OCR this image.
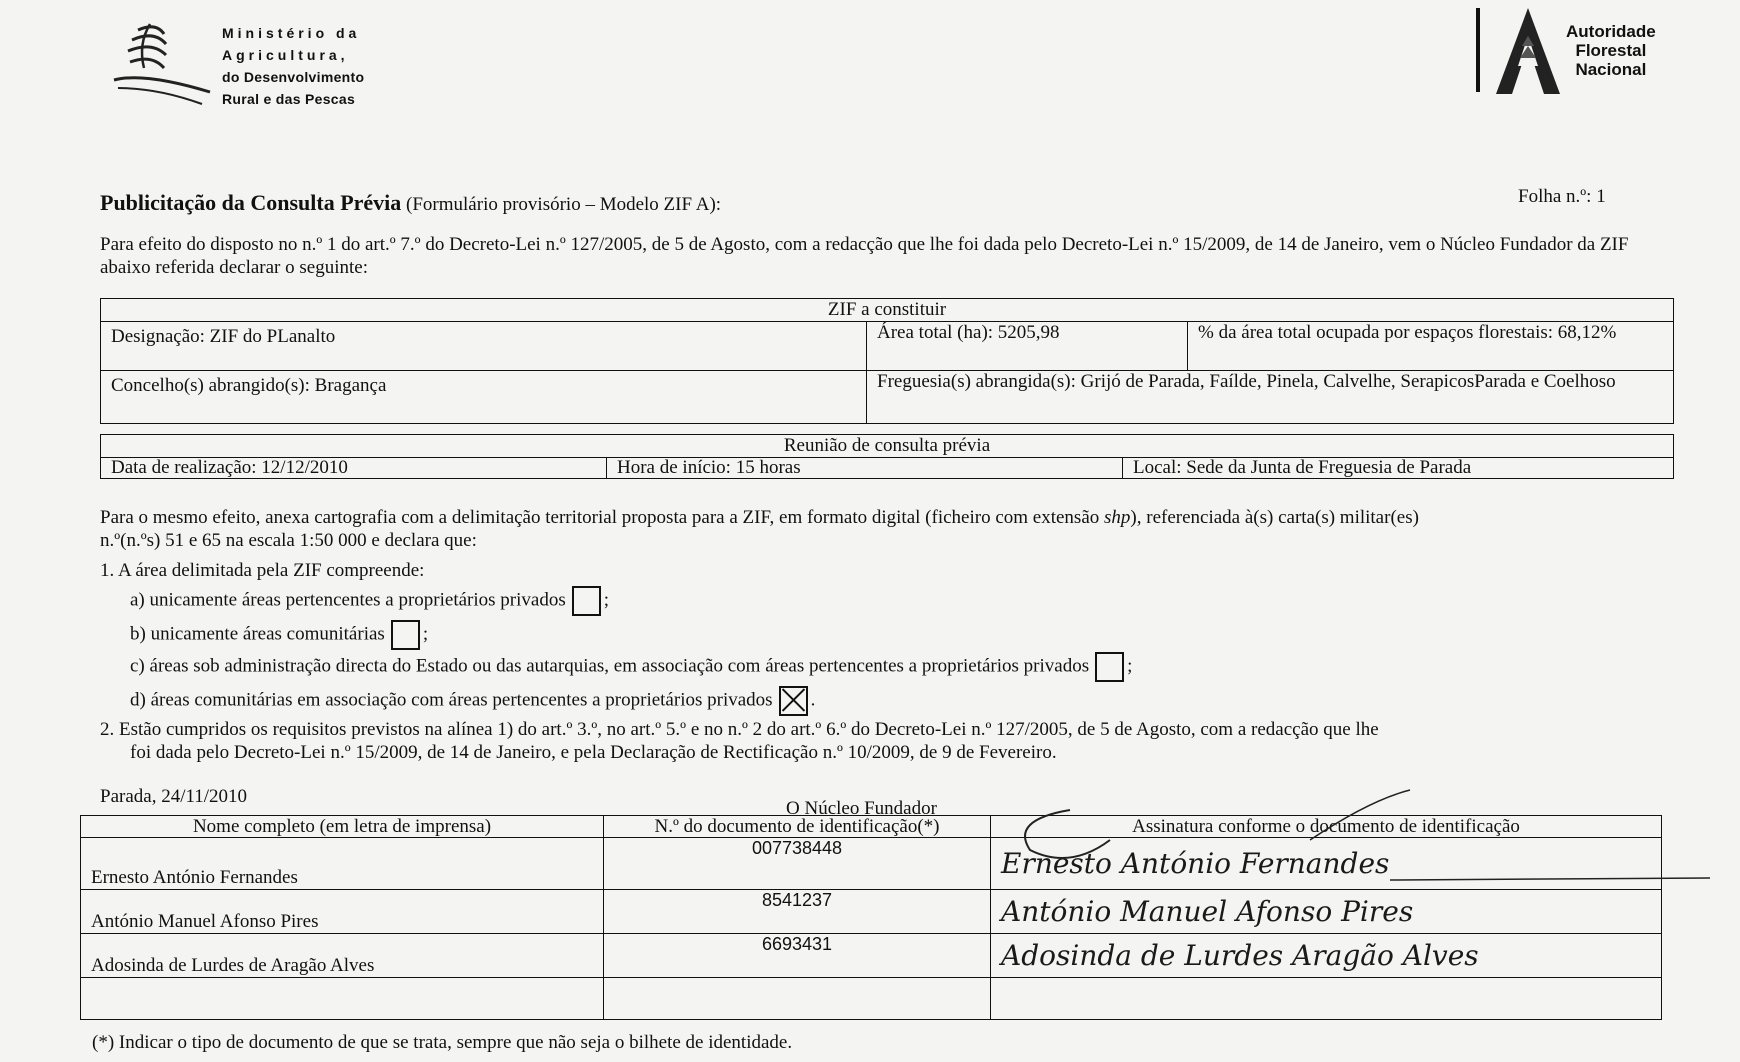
Ministério da
Agricultura,
do Desenvolvimento
Rural e das Pescas
Autoridade
Florestal
Nacional
Publicitação da Consulta Prévia (Formulário provisório – Modelo ZIF A):	Folha n.º: 1
Para efeito do disposto no n.º 1 do art.º 7.º do Decreto-Lei n.º 127/2005, de 5 de Agosto, com a redacção que lhe foi dada pelo Decreto-Lei n.º 15/2009, de 14 de Janeiro, vem o Núcleo Fundador da ZIF abaixo referida declarar o seguinte:
ZIF a constituir		
Designação: ZIF do PLanalto	Área total (ha): 5205,98	% da área total ocupada por espaços florestais: 68,12%
Concelho(s) abrangido(s): Bragança	Freguesia(s) abrangida(s): Grijó de Parada, Faílde, Pinela, Calvelhe, SerapicosParada e Coelhoso	
Reunião de consulta prévia
Data de realização: 12/12/2010	Hora de início: 15 horas	Local: Sede da Junta de Freguesia de Parada
Para o mesmo efeito, anexa cartografia com a delimitação territorial proposta para a ZIF, em formato digital (ficheiro com extensão shp), referenciada à(s) carta(s) militar(es)
n.º(n.ºs) 51 e 65 na escala 1:50 000 e declara que:
1. A área delimitada pela ZIF compreende:
a) unicamente áreas pertencentes a proprietários privados ;
b) unicamente áreas comunitárias ;
c) áreas sob administração directa do Estado ou das autarquias, em associação com áreas pertencentes a proprietários privados ;
d) áreas comunitárias em associação com áreas pertencentes a proprietários privados .
2. Estão cumpridos os requisitos previstos na alínea 1) do art.º 3.º, no art.º 5.º e no n.º 2 do art.º 6.º do Decreto-Lei n.º 127/2005, de 5 de Agosto, com a redacção que lhe
foi dada pelo Decreto-Lei n.º 15/2009, de 14 de Janeiro, e pela Declaração de Rectificação n.º 10/2009, de 9 de Fevereiro.
Parada, 24/11/2010
O Núcleo Fundador
Nome completo (em letra de imprensa)	N.º do documento de identificação(*)	Assinatura conforme o documento de identificação
Ernesto António Fernandes	007738448	Ernesto António Fernandes
António Manuel Afonso Pires	8541237	António Manuel Afonso Pires
Adosinda de Lurdes de Aragão Alves	6693431	Adosinda de Lurdes Aragão Alves

(*) Indicar o tipo de documento de que se trata, sempre que não seja o bilhete de identidade.
